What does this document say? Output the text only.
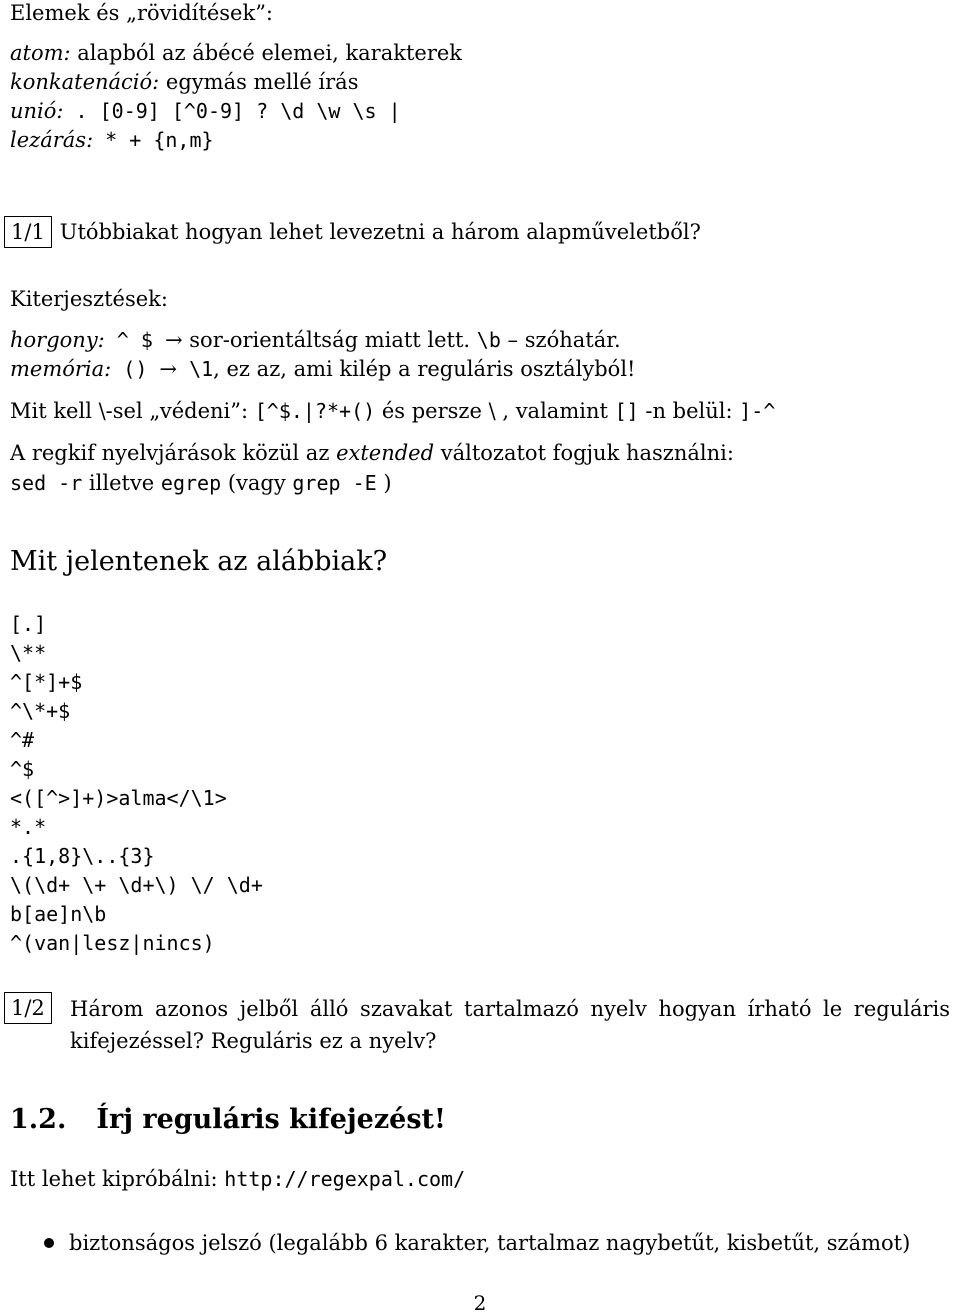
Elemek és „rövidítések”:
atom: alapból az ábécé elemei, karakterek
konkatenáció: egymás mellé írás
unió: . [0-9] [^0-9] ? \d \w \s |
lezárás: * + {n,m}
1/1 Utóbbiakat hogyan lehet levezetni a három alapműveletből?
Kiterjesztések:
horgony: ^ $ → sor-orientáltság miatt lett. \b – szóhatár.
memória: () → \1, ez az, ami kilép a reguláris osztályból!
Mit kell \-sel „védeni”: [^$.|?*+() és persze \ , valamint [] -n belül: ]-^
A regkif nyelvjárások közül az extended változatot fogjuk használni:
sed -r illetve egrep (vagy grep -E )
Mit jelentenek az alábbiak?
[.]
\**
^[*]+$
^\*+$
^#
^$
<([^>]+)>alma</\1>
*.*
.{1,8}\..{3}
\(\d+ \+ \d+\) \/ \d+
b[ae]n\b
^(van|lesz|nincs)
1/2	Három azonos jelből álló szavakat tartalmazó nyelv hogyan írható le reguláris kifejezéssel? Reguláris ez a nyelv?
1.2. Írj reguláris kifejezést!
Itt lehet kipróbálni: http://regexpal.com/
biztonságos jelszó (legalább 6 karakter, tartalmaz nagybetűt, kisbetűt, számot)
2
